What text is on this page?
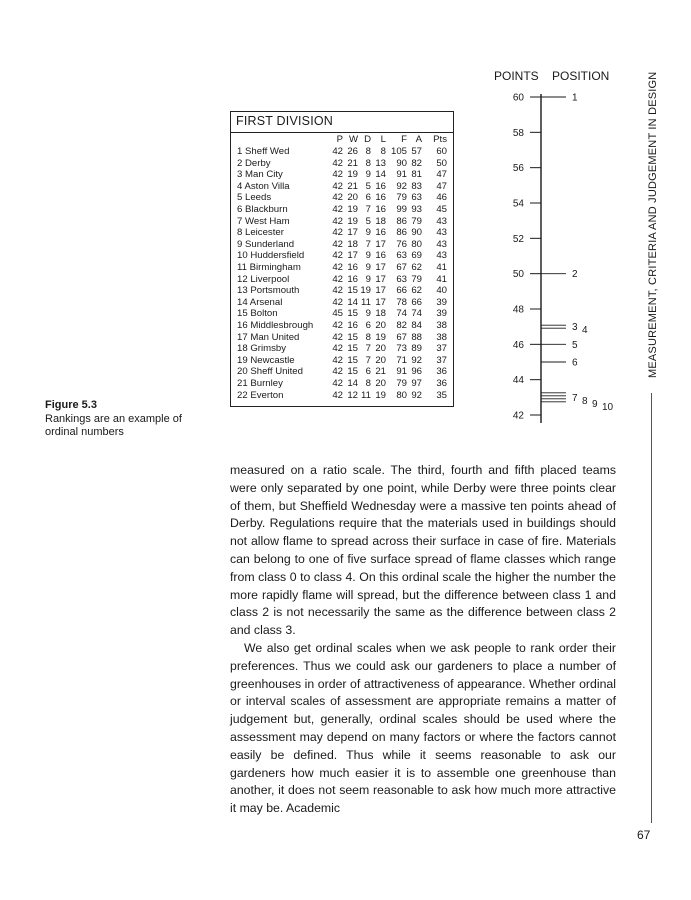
FIRST DIVISION
P W D	L	F A	Pts
1 Sheff Wed	42 26 8	8 105 57	60
2 Derby	42 21 8 13	90 82	50
3 Man City	42 19 9 14	91 81	47
4 Aston Villa	42 21 5 16	92 83	47
5 Leeds	42 20 6 16	79 63	46
6 Blackburn	42 19 7 16	99 93	45
7 West Ham	42 19 5 18	86 79	43
8 Leicester	42 17 9 16	86 90	43
9 Sunderland	42 18 7 17	76 80	43
10 Huddersfield	42 17 9 16	63 69	43
11 Birmingham	42 16 9 17	67 62	41
12 Liverpool	42 16 9 17	63 79	41
13 Portsmouth	42 15 19 17	66 62	40
14 Arsenal	42 14 11 17	78 66	39
15 Bolton	45 15 9 18	74 74	39
16 Middlesbrough	42 16 6 20	82 84	38
17 Man United	42 15 8 19	67 88	38
18 Grimsby	42 15 7 20	73 89	37
19 Newcastle	42 15 7 20	71 92	37
20 Sheff United	42 15 6 21	91 96	36
21 Burnley	42 14 8 20	79 97	36
22 Everton	42 12 11 19	80 92	35
POINTS POSITION
60
58
56
54
52
50
48
46
44
42
1
2
3 4
5
6
7 8 9 10
Figure 5.3
Rankings are an example of ordinal numbers

measured on a ratio scale. The third, fourth and fifth placed teams were only separated by one point, while Derby were three points clear of them, but Sheffield Wednesday were a massive ten points ahead of Derby. Regulations require that the materials used in buildings should not allow flame to spread across their surface in case of fire. Materials can belong to one of five surface spread of flame classes which range from class 0 to class 4. On this ordinal scale the higher the number the more rapidly flame will spread, but the difference between class 1 and class 2 is not necessarily the same as the difference between class 2 and class 3.

We also get ordinal scales when we ask people to rank order their preferences. Thus we could ask our gardeners to place a number of greenhouses in order of attractiveness of appearance. Whether ordinal or interval scales of assessment are appropriate remains a matter of judgement but, generally, ordinal scales should be used where the assessment may depend on many factors or where the factors cannot easily be defined. Thus while it seems reasonable to ask our gardeners how much easier it is to assemble one greenhouse than another, it does not seem reasonable to ask how much more attractive it may be. Academic

MEASUREMENT, CRITERIA AND JUDGEMENT IN DESIGN
67
